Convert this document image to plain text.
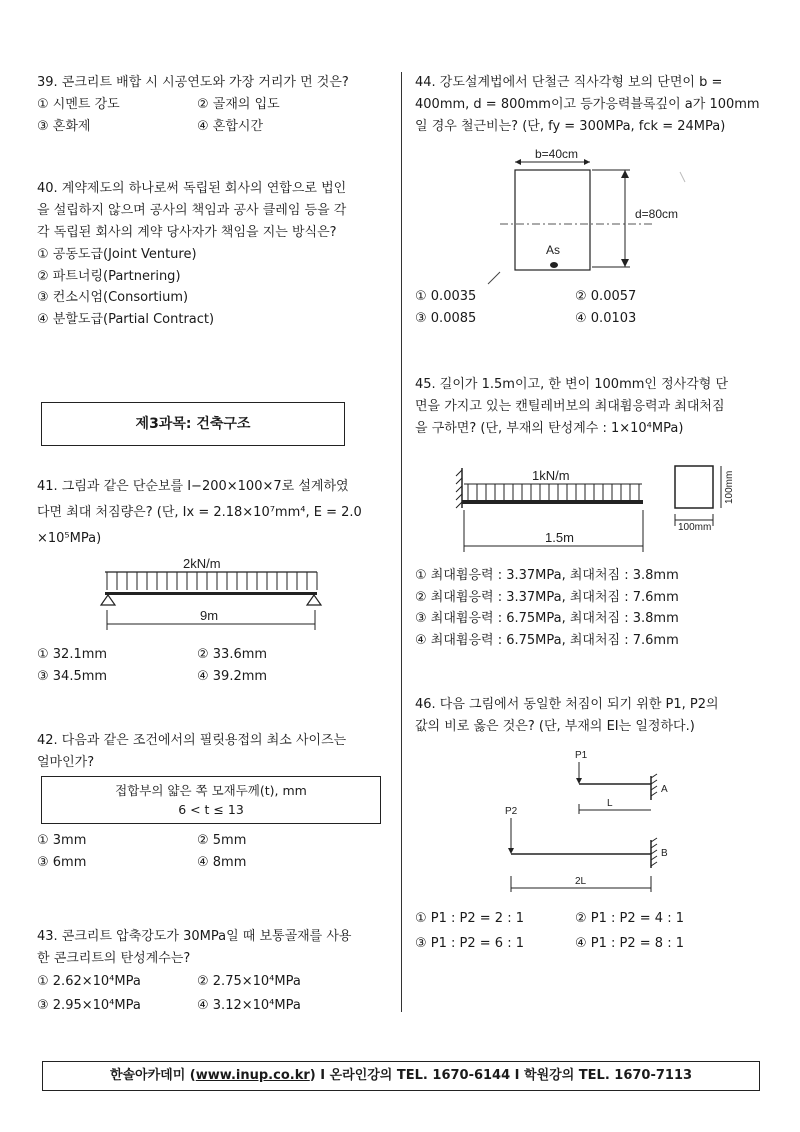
39. 콘크리트 배합 시 시공연도와 가장 거리가 먼 것은?
① 시멘트 강도	② 골재의 입도
③ 혼화제	④ 혼합시간
40. 계약제도의 하나로써 독립된 회사의 연합으로 법인
을 설립하지 않으며 공사의 책임과 공사 클레임 등을 각
각 독립된 회사의 계약 당사자가 책임을 지는 방식은?
① 공동도급(Joint Venture)
② 파트너링(Partnering)
③ 컨소시엄(Consortium)
④ 분할도급(Partial Contract)
제3과목: 건축구조
41. 그림과 같은 단순보를 I−200×100×7로 설계하였
다면 최대 처짐량은? (단, Ix = 2.18×10⁷mm⁴, E = 2.0
×10⁵MPa)
2kN/m
9m
① 32.1mm	② 33.6mm
③ 34.5mm	④ 39.2mm
42. 다음과 같은 조건에서의 필릿용접의 최소 사이즈는
얼마인가?
접합부의 얇은 쪽 모재두께(t), mm
6 < t ≤ 13
① 3mm	② 5mm
③ 6mm	④ 8mm
43. 콘크리트 압축강도가 30MPa일 때 보통골재를 사용
한 콘크리트의 탄성계수는?
① 2.62×10⁴MPa	② 2.75×10⁴MPa
③ 2.95×10⁴MPa	④ 3.12×10⁴MPa
44. 강도설계법에서 단철근 직사각형 보의 단면이 b =
400mm, d = 800mm이고 등가응력블록깊이 a가 100mm
일 경우 철근비는? (단, fy = 300MPa, fck = 24MPa)
b=40cm
d=80cm
As
① 0.0035	② 0.0057
③ 0.0085	④ 0.0103
45. 길이가 1.5m이고, 한 변이 100mm인 정사각형 단
면을 가지고 있는 캔틸레버보의 최대휨응력과 최대처짐
을 구하면? (단, 부재의 탄성계수 : 1×10⁴MPa)
1kN/m
1.5m
100mm
100mm
① 최대휨응력 : 3.37MPa, 최대처짐 : 3.8mm
② 최대휨응력 : 3.37MPa, 최대처짐 : 7.6mm
③ 최대휨응력 : 6.75MPa, 최대처짐 : 3.8mm
④ 최대휨응력 : 6.75MPa, 최대처짐 : 7.6mm
46. 다음 그림에서 동일한 처짐이 되기 위한 P1, P2의
값의 비로 옳은 것은? (단, 부재의 EI는 일정하다.)
P1
A
L
P2
B
2L
① P1 : P2 = 2 : 1	② P1 : P2 = 4 : 1
③ P1 : P2 = 6 : 1	④ P1 : P2 = 8 : 1
한솔아카데미 (www.inup.co.kr) I 온라인강의 TEL. 1670-6144 I 학원강의 TEL. 1670-7113
